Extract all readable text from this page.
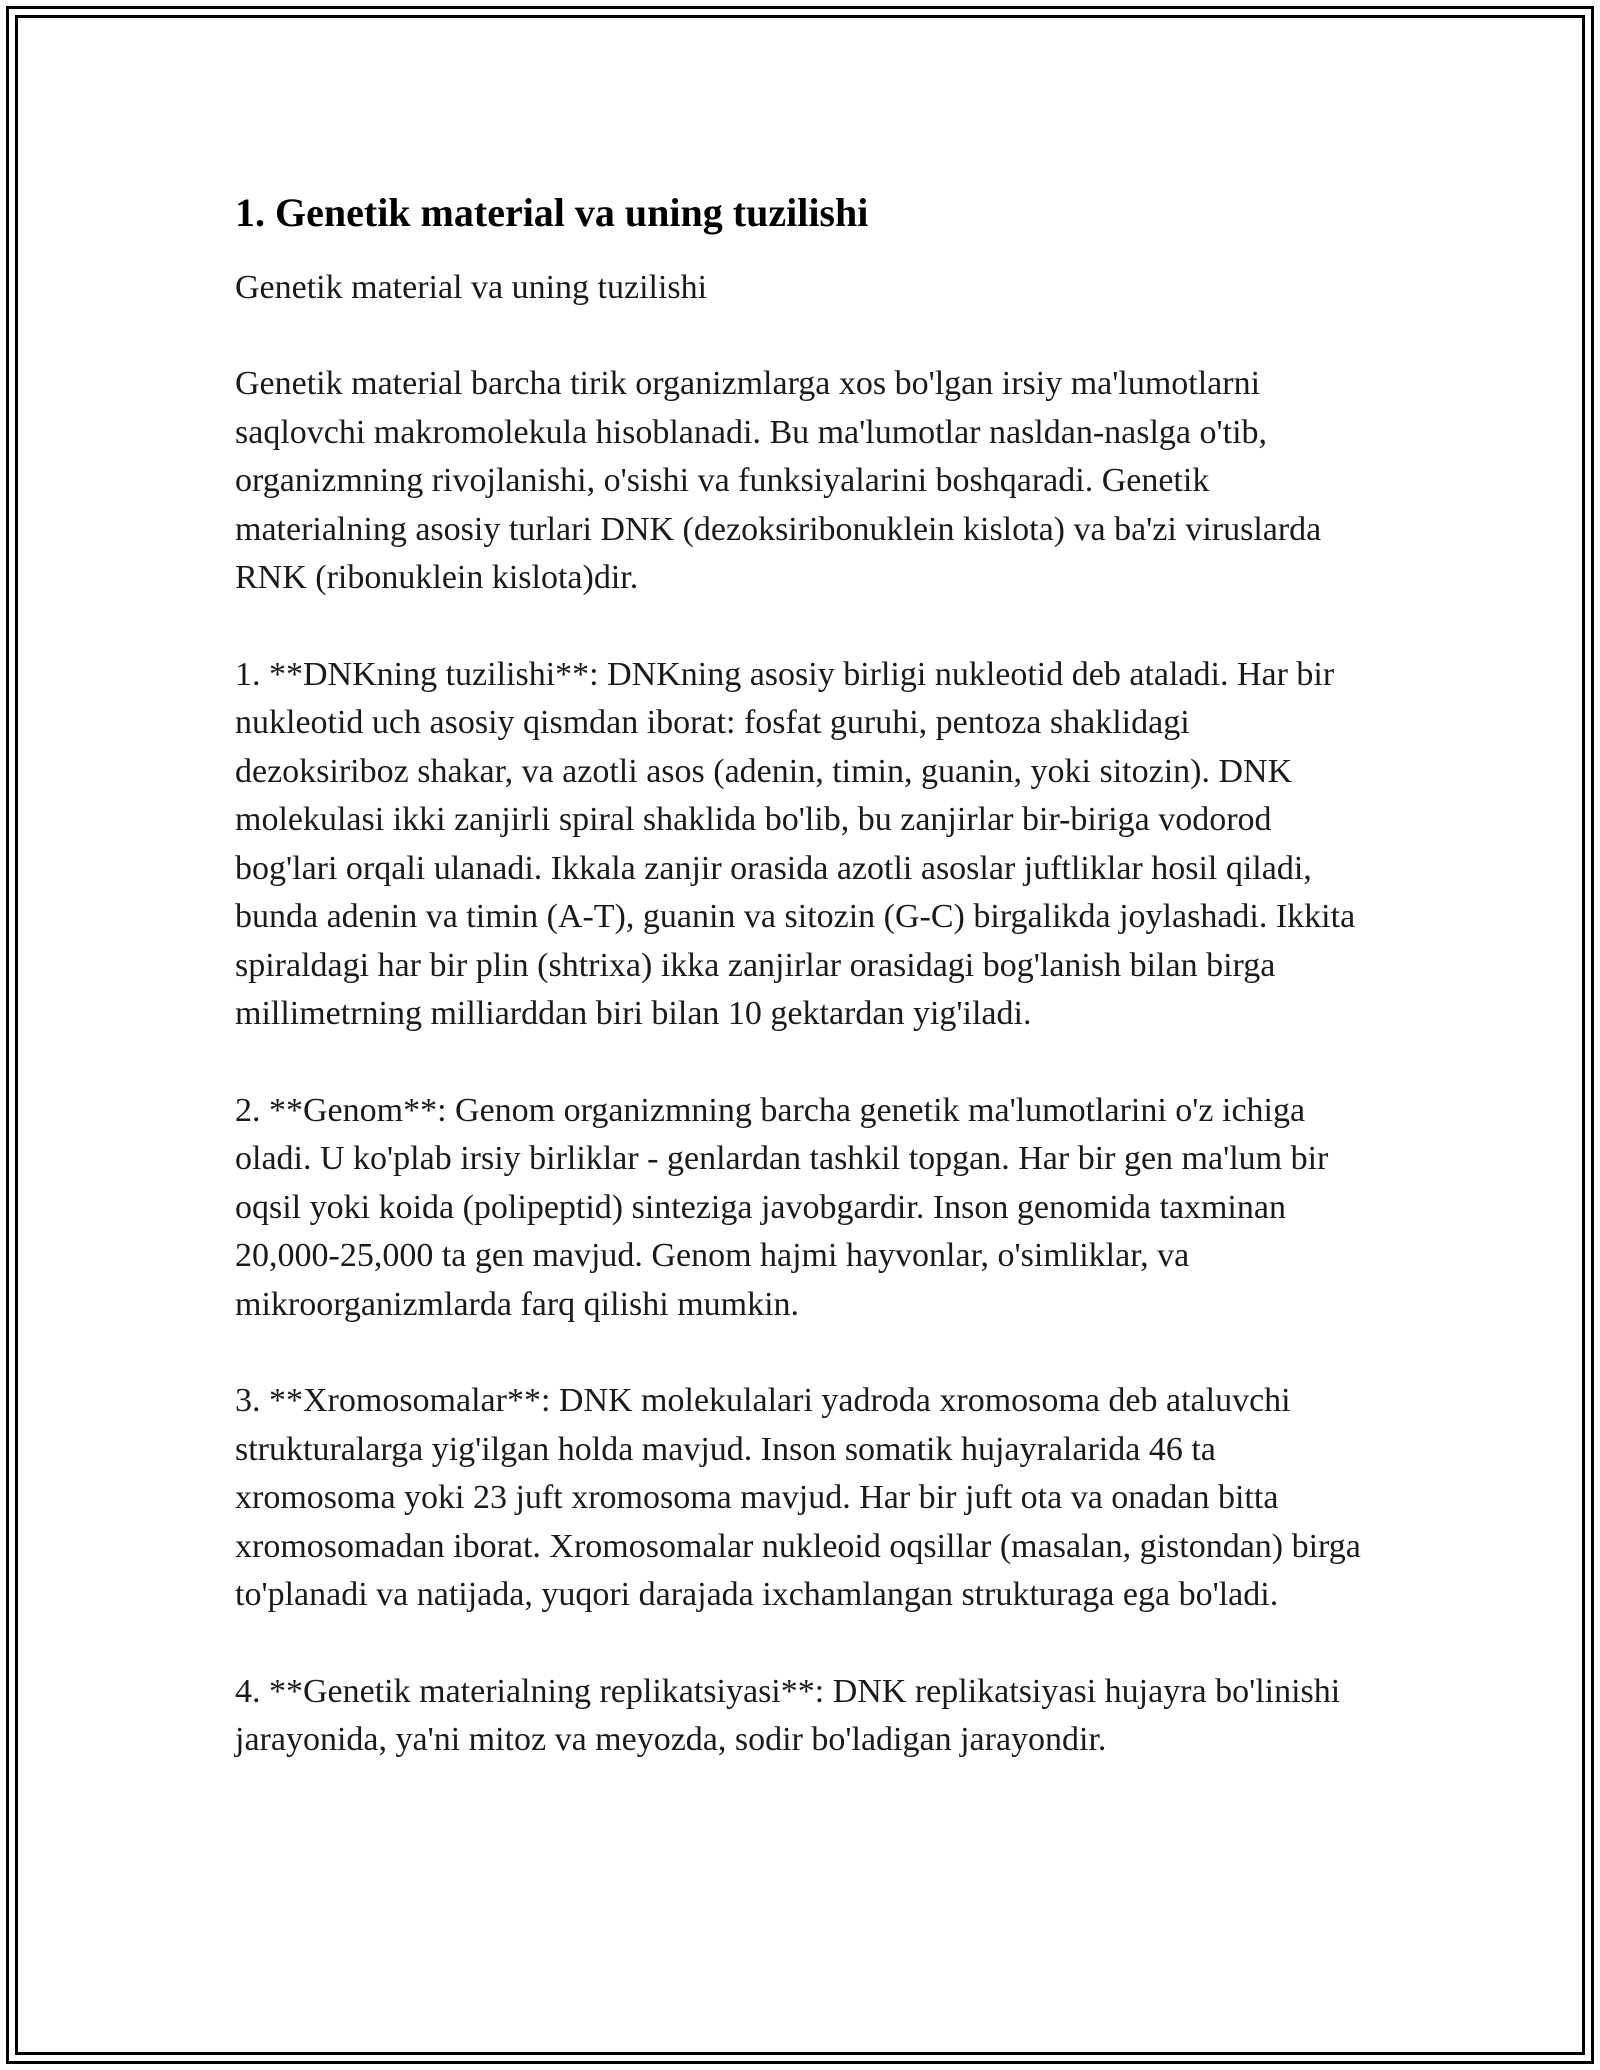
1. Genetik material va uning tuzilishi

Genetik material va uning tuzilishi

Genetik material barcha tirik organizmlarga xos bo'lgan irsiy ma'lumotlarni saqlovchi makromolekula hisoblanadi. Bu ma'lumotlar nasldan-naslga o'tib, organizmning rivojlanishi, o'sishi va funksiyalarini boshqaradi. Genetik materialning asosiy turlari DNK (dezoksiribonuklein kislota) va ba'zi viruslarda RNK (ribonuklein kislota)dir.

1. **DNKning tuzilishi**: DNKning asosiy birligi nukleotid deb ataladi. Har bir nukleotid uch asosiy qismdan iborat: fosfat guruhi, pentoza shaklidagi dezoksiriboz shakar, va azotli asos (adenin, timin, guanin, yoki sitozin). DNK molekulasi ikki zanjirli spiral shaklida bo'lib, bu zanjirlar bir-biriga vodorod bog'lari orqali ulanadi. Ikkala zanjir orasida azotli asoslar juftliklar hosil qiladi, bunda adenin va timin (A-T), guanin va sitozin (G-C) birgalikda joylashadi. Ikkita spiraldagi har bir plin (shtrixa) ikka zanjirlar orasidagi bog'lanish bilan birga millimetrning milliarddan biri bilan 10 gektardan yig'iladi.

2. **Genom**: Genom organizmning barcha genetik ma'lumotlarini o'z ichiga oladi. U ko'plab irsiy birliklar - genlardan tashkil topgan. Har bir gen ma'lum bir oqsil yoki koida (polipeptid) sinteziga javobgardir. Inson genomida taxminan 20,000-25,000 ta gen mavjud. Genom hajmi hayvonlar, o'simliklar, va mikroorganizmlarda farq qilishi mumkin.

3. **Xromosomalar**: DNK molekulalari yadroda xromosoma deb ataluvchi strukturalarga yig'ilgan holda mavjud. Inson somatik hujayralarida 46 ta xromosoma yoki 23 juft xromosoma mavjud. Har bir juft ota va onadan bitta xromosomadan iborat. Xromosomalar nukleoid oqsillar (masalan, gistondan) birga to'planadi va natijada, yuqori darajada ixchamlangan strukturaga ega bo'ladi.

4. **Genetik materialning replikatsiyasi**: DNK replikatsiyasi hujayra bo'linishi jarayonida, ya'ni mitoz va meyozda, sodir bo'ladigan jarayondir.
